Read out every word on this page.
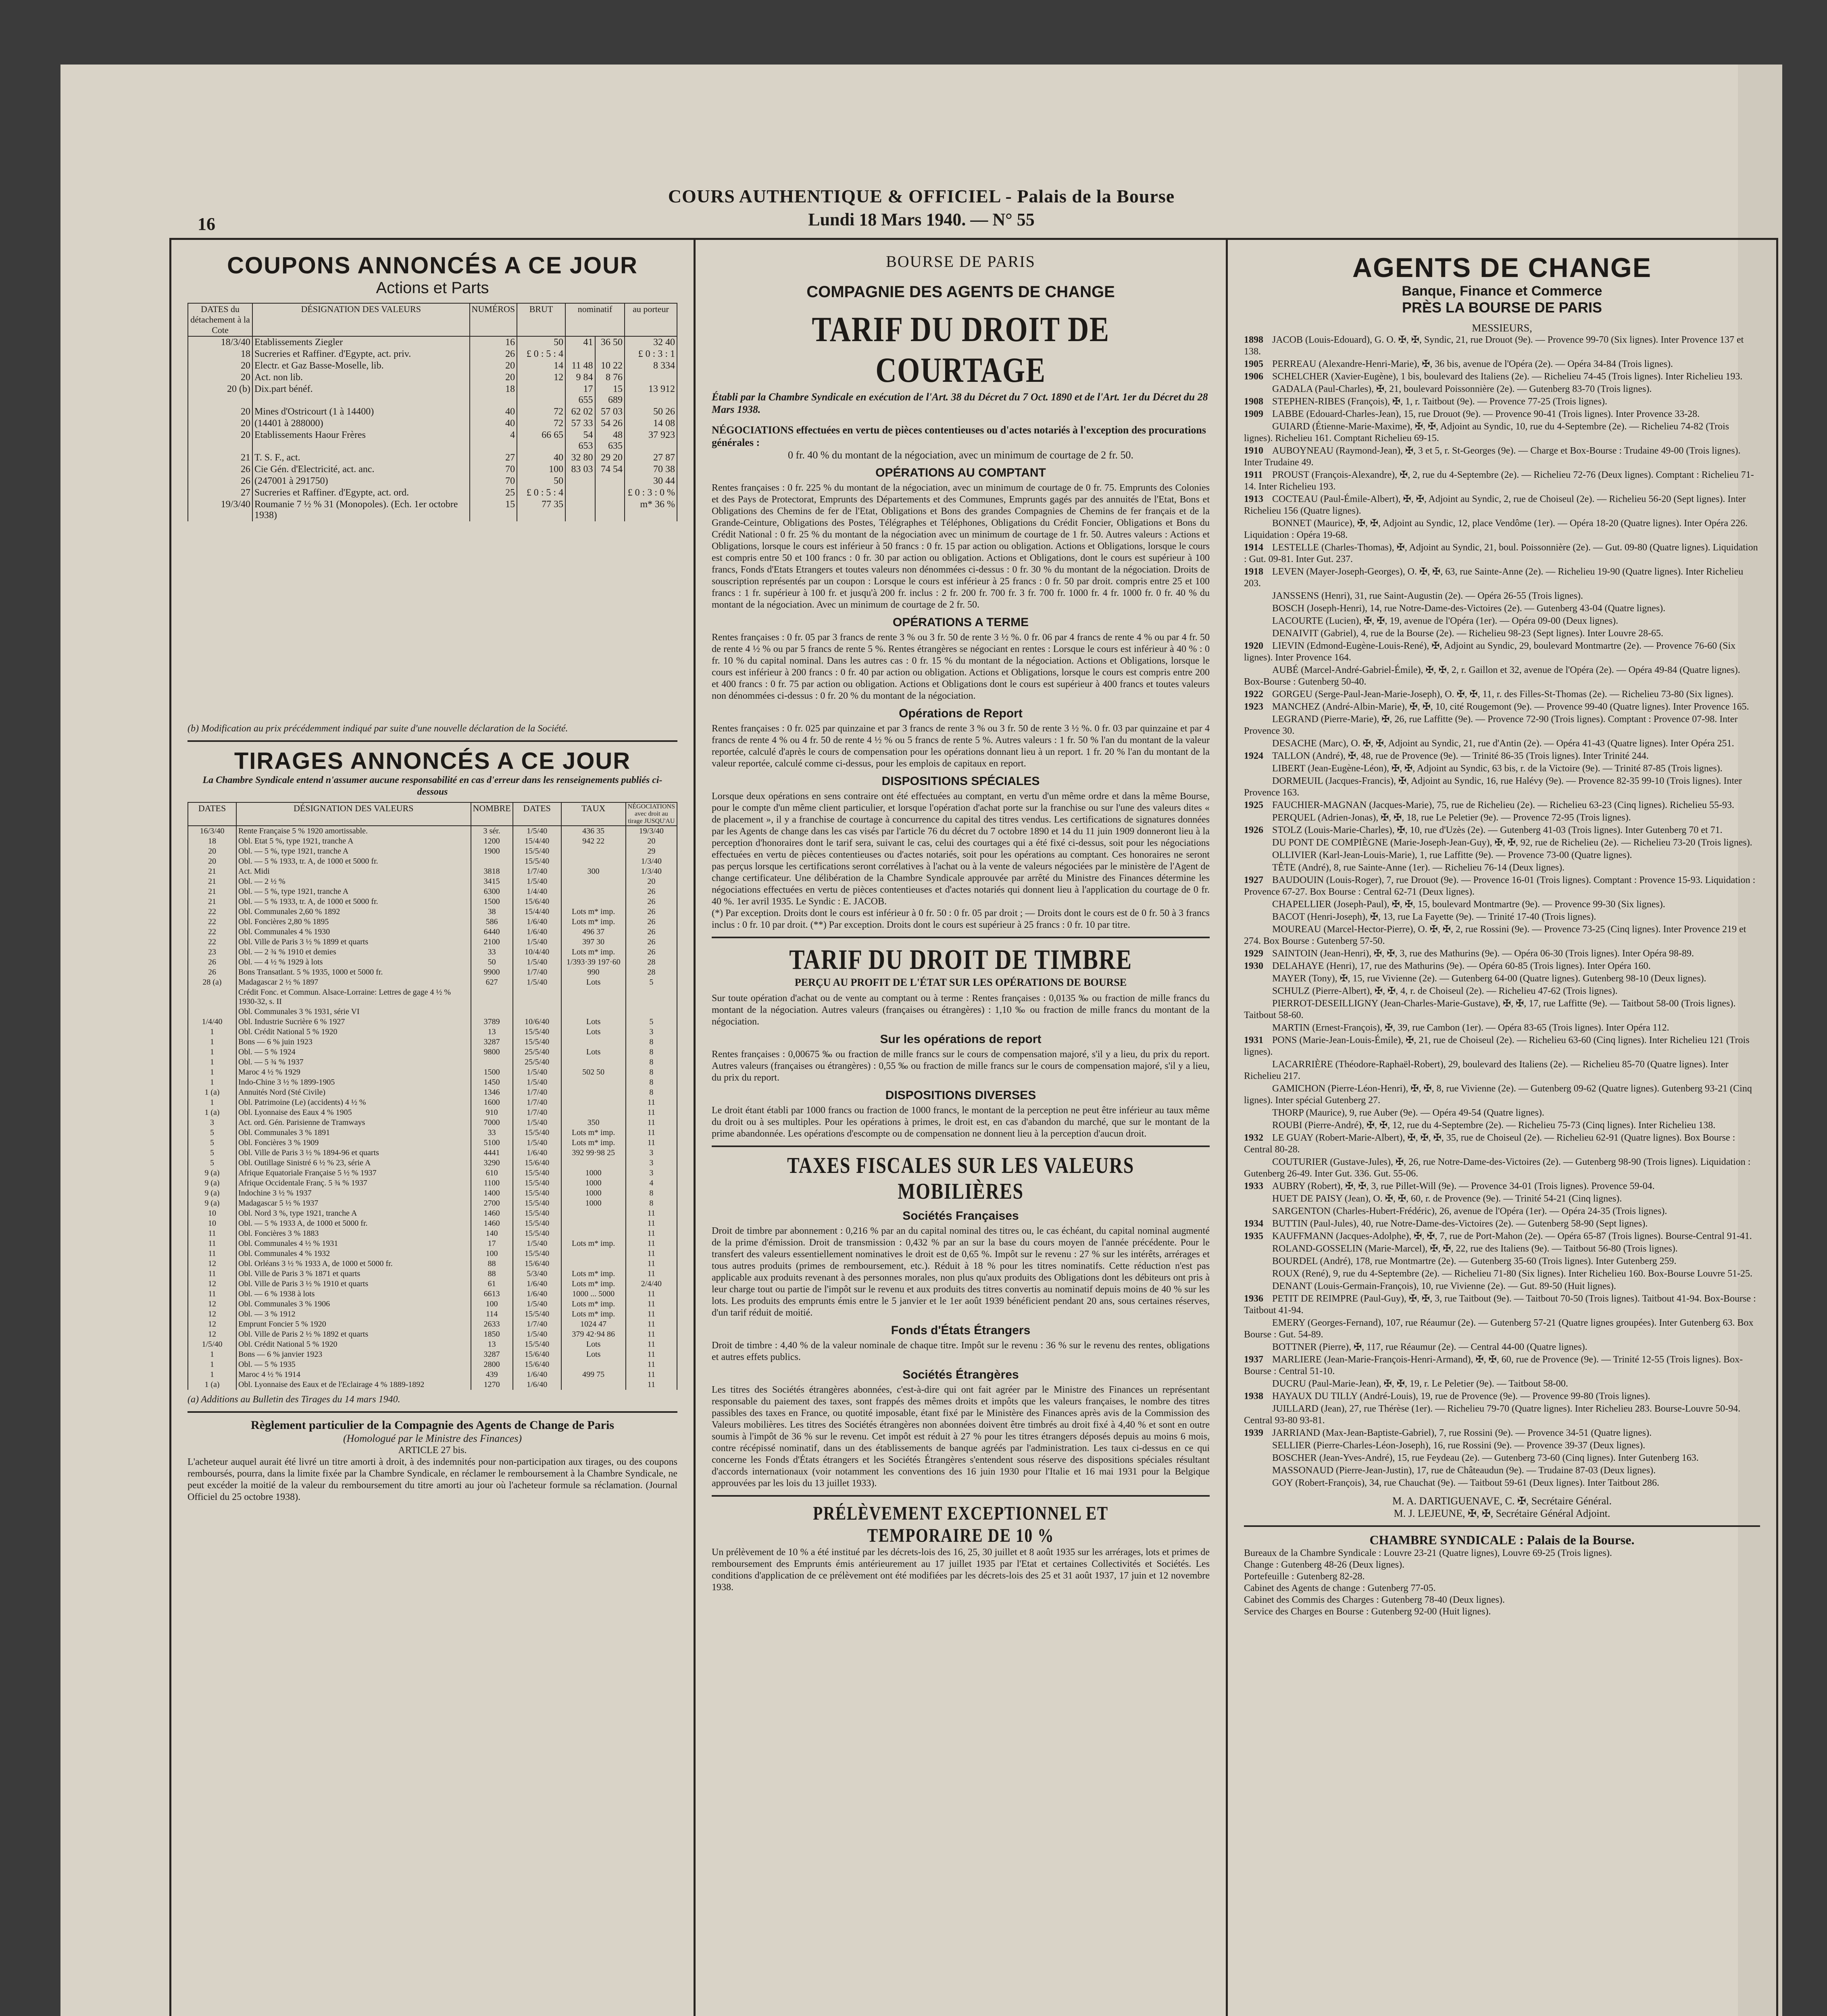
16
COURS AUTHENTIQUE & OFFICIEL - Palais de la Bourse
Lundi 18 Mars 1940. — N° 55
COUPONS ANNONCÉS A CE JOUR
Actions et Parts
DATES du détachement à la Cote	DÉSIGNATION DES VALEURS	NUMÉROS	BRUT	nominatif		au porteur
18/3/40	Etablissements Ziegler	16	50	41	36 50	32 40
18	Sucreries et Raffiner. d'Egypte, act. priv.	26	£ 0 : 5 : 4			£ 0 : 3 : 1
20	Electr. et Gaz Basse-Moselle, lib.	20	14	11 48	10 22	8 334
20	Act. non lib.	20	12	9 84	8 76	
20 (b)	Dix.part bénéf.	18		17 655	15 689	13 912
20	Mines d'Ostricourt (1 à 14400)	40	72	62 02	57 03	50 26
20	(14401 à 288000)	40	72	57 33	54 26	14 08
20	Etablissements Haour Frères	4	66 65	54 653	48 635	37 923
21	T. S. F., act.	27	40	32 80	29 20	27 87
26	Cie Gén. d'Electricité, act. anc.	70	100	83 03	74 54	70 38
26	(247001 à 291750)	70	50			30 44
27	Sucreries et Raffiner. d'Egypte, act. ord.	25	£ 0 : 5 : 4			£ 0 : 3 : 0 %
19/3/40	Roumanie 7 ½ % 31 (Monopoles). (Ech. 1er octobre 1938)	15	77 35			m* 36 %
(b) Modification au prix précédemment indiqué par suite d'une nouvelle déclaration de la Société.
TIRAGES ANNONCÉS A CE JOUR
La Chambre Syndicale entend n'assumer aucune responsabilité en cas d'erreur dans les renseignements publiés ci-dessous
DATES	DÉSIGNATION DES VALEURS	NOMBRE	DATES	TAUX	NÉGOCIATIONS avec droit au tirage JUSQU'AU
16/3/40	Rente Française 5 % 1920 amortissable.	3 sér.	1/5/40	436 35	19/3/40
18	Obl. Etat 5 %, type 1921, tranche A	1200	15/4/40	942 22	20
20	Obl. — 5 %, type 1921, tranche A	1900	15/5/40		29
20	Obl. — 5 % 1933, tr. A, de 1000 et 5000 fr.		15/5/40		1/3/40
21	Act. Midi	3818	1/7/40	300	1/3/40
21	Obl. — 2 ½ %	3415	1/5/40		20
21	Obl. — 5 %, type 1921, tranche A	6300	1/4/40		26
21	Obl. — 5 % 1933, tr. A, de 1000 et 5000 fr.	1500	15/6/40		26
22	Obl. Communales 2,60 % 1892	38	15/4/40	Lots m* imp.	26
22	Obl. Foncières 2,80 % 1895	586	1/6/40	Lots m* imp.	26
22	Obl. Communales 4 % 1930	6440	1/6/40	496 37	26
22	Obl. Ville de Paris 3 ½ % 1899 et quarts	2100	1/5/40	397 30	26
23	Obl. — 2 ¾ % 1910 et demies	33	10/4/40	Lots m* imp.	26
26	Obl. — 4 ½ % 1929 à lots	50	1/5/40	1/393·39 197·60	28
26	Bons Transatlant. 5 % 1935, 1000 et 5000 fr.	9900	1/7/40	990	28
28 (a)	Madagascar 2 ½ % 1897	627	1/5/40	Lots	5
	Crédit Fonc. et Commun. Alsace-Lorraine: Lettres de gage 4 ½ % 1930-32, s. II				
	Obl. Communales 3 % 1931, série VI				
1/4/40	Obl. Industrie Sucrière 6 % 1927	3789	10/6/40	Lots	5
1	Obl. Crédit National 5 % 1920	13	15/5/40	Lots	3
1	Bons — 6 % juin 1923	3287	15/5/40		8
1	Obl. — 5 % 1924	9800	25/5/40	Lots	8
1	Obl. — 5 ¾ % 1937		25/5/40		8
1	Maroc 4 ½ % 1929	1500	1/5/40	502 50	8
1	Indo-Chine 3 ½ % 1899-1905	1450	1/5/40		8
1 (a)	Annuités Nord (Sté Civile)	1346	1/7/40		8
1	Obl. Patrimoine (Le) (accidents) 4 ½ %	1600	1/7/40		11
1 (a)	Obl. Lyonnaise des Eaux 4 % 1905	910	1/7/40		11
3	Act. ord. Gén. Parisienne de Tramways	7000	1/5/40	350	11
5	Obl. Communales 3 % 1891	33	15/5/40	Lots m* imp.	11
5	Obl. Foncières 3 % 1909	5100	1/5/40	Lots m* imp.	11
5	Obl. Ville de Paris 3 ½ % 1894-96 et quarts	4441	1/6/40	392 99·98 25	3
5	Obl. Outillage Sinistré 6 ½ % 23, série A	3290	15/6/40		3
9 (a)	Afrique Equatoriale Française 5 ½ % 1937	610	15/5/40	1000	3
9 (a)	Afrique Occidentale Franç. 5 ¾ % 1937	1100	15/5/40	1000	4
9 (a)	Indochine 3 ½ % 1937	1400	15/5/40	1000	8
9 (a)	Madagascar 5 ½ % 1937	2700	15/5/40	1000	8
10	Obl. Nord 3 %, type 1921, tranche A	1460	15/5/40		11
10	Obl. — 5 % 1933 A, de 1000 et 5000 fr.	1460	15/5/40		11
11	Obl. Foncières 3 % 1883	140	15/5/40		11
11	Obl. Communales 4 ½ % 1931	17	1/5/40	Lots m* imp.	11
11	Obl. Communales 4 % 1932	100	15/5/40		11
12	Obl. Orléans 3 ½ % 1933 A, de 1000 et 5000 fr.	88	15/6/40		11
11	Obl. Ville de Paris 3 % 1871 et quarts	88	5/3/40	Lots m* imp.	11
12	Obl. Ville de Paris 3 ½ % 1910 et quarts	61	1/6/40	Lots m* imp.	2/4/40
11	Obl. — 6 % 1938 à lots	6613	1/6/40	1000 ... 5000	11
12	Obl. Communales 3 % 1906	100	1/5/40	Lots m* imp.	11
12	Obl. — 3 % 1912	114	15/5/40	Lots m* imp.	11
12	Emprunt Foncier 5 % 1920	2633	1/7/40	1024 47	11
12	Obl. Ville de Paris 2 ½ % 1892 et quarts	1850	1/5/40	379 42·94 86	11
1/5/40	Obl. Crédit National 5 % 1920	13	15/5/40	Lots	11
1	Bons — 6 % janvier 1923	3287	15/6/40	Lots	11
1	Obl. — 5 % 1935	2800	15/6/40		11
1	Maroc 4 ½ % 1914	439	1/6/40	499 75	11
1 (a)	Obl. Lyonnaise des Eaux et de l'Eclairage 4 % 1889-1892	1270	1/6/40		11
(a) Additions au Bulletin des Tirages du 14 mars 1940.
Règlement particulier de la Compagnie des Agents de Change de Paris
(Homologué par le Ministre des Finances)
ARTICLE 27 bis.
L'acheteur auquel aurait été livré un titre amorti à droit, à des indemnités pour non-participation aux tirages, ou des coupons remboursés, pourra, dans la limite fixée par la Chambre Syndicale, en réclamer le remboursement à la Chambre Syndicale, ne peut excéder la moitié de la valeur du remboursement du titre amorti au jour où l'acheteur formule sa réclamation. (Journal Officiel du 25 octobre 1938).
BOURSE DE PARIS
COMPAGNIE DES AGENTS DE CHANGE
TARIF DU DROIT DE COURTAGE
Établi par la Chambre Syndicale en exécution de l'Art. 38 du Décret du 7 Oct. 1890 et de l'Art. 1er du Décret du 28 Mars 1938.
NÉGOCIATIONS effectuées en vertu de pièces contentieuses ou d'actes notariés à l'exception des procurations générales :
0 fr. 40 % du montant de la négociation, avec un minimum de courtage de 2 fr. 50.
OPÉRATIONS AU COMPTANT
Rentes françaises : 0 fr. 225 % du montant de la négociation, avec un minimum de courtage de 0 fr. 75. Emprunts des Colonies et des Pays de Protectorat, Emprunts des Départements et des Communes, Emprunts gagés par des annuités de l'Etat, Bons et Obligations des Chemins de fer de l'Etat, Obligations et Bons des grandes Compagnies de Chemins de fer français et de la Grande-Ceinture, Obligations des Postes, Télégraphes et Téléphones, Obligations du Crédit Foncier, Obligations et Bons du Crédit National : 0 fr. 25 % du montant de la négociation avec un minimum de courtage de 1 fr. 50. Autres valeurs : Actions et Obligations, lorsque le cours est inférieur à 50 francs : 0 fr. 15 par action ou obligation. Actions et Obligations, lorsque le cours est compris entre 50 et 100 francs : 0 fr. 30 par action ou obligation. Actions et Obligations, dont le cours est supérieur à 100 francs, Fonds d'Etats Etrangers et toutes valeurs non dénommées ci-dessus : 0 fr. 30 % du montant de la négociation. Droits de souscription représentés par un coupon : Lorsque le cours est inférieur à 25 francs : 0 fr. 50 par droit. compris entre 25 et 100 francs : 1 fr. supérieur à 100 fr. et jusqu'à 200 fr. inclus : 2 fr. 200 fr. 700 fr. 3 fr. 700 fr. 1000 fr. 4 fr. 1000 fr. 0 fr. 40 % du montant de la négociation. Avec un minimum de courtage de 2 fr. 50.
OPÉRATIONS A TERME
Rentes françaises : 0 fr. 05 par 3 francs de rente 3 % ou 3 fr. 50 de rente 3 ½ %. 0 fr. 06 par 4 francs de rente 4 % ou par 4 fr. 50 de rente 4 ½ % ou par 5 francs de rente 5 %. Rentes étrangères se négociant en rentes : Lorsque le cours est inférieur à 40 % : 0 fr. 10 % du capital nominal. Dans les autres cas : 0 fr. 15 % du montant de la négociation. Actions et Obligations, lorsque le cours est inférieur à 200 francs : 0 fr. 40 par action ou obligation. Actions et Obligations, lorsque le cours est compris entre 200 et 400 francs : 0 fr. 75 par action ou obligation. Actions et Obligations dont le cours est supérieur à 400 francs et toutes valeurs non dénommées ci-dessus : 0 fr. 20 % du montant de la négociation.
Opérations de Report
Rentes françaises : 0 fr. 025 par quinzaine et par 3 francs de rente 3 % ou 3 fr. 50 de rente 3 ½ %. 0 fr. 03 par quinzaine et par 4 francs de rente 4 % ou 4 fr. 50 de rente 4 ½ % ou 5 francs de rente 5 %. Autres valeurs : 1 fr. 50 % l'an du montant de la valeur reportée, calculé d'après le cours de compensation pour les opérations donnant lieu à un report. 1 fr. 20 % l'an du montant de la valeur reportée, calculé comme ci-dessus, pour les emplois de capitaux en report.
DISPOSITIONS SPÉCIALES
Lorsque deux opérations en sens contraire ont été effectuées au comptant, en vertu d'un même ordre et dans la même Bourse, pour le compte d'un même client particulier, et lorsque l'opération d'achat porte sur la franchise ou sur l'une des valeurs dites « de placement », il y a franchise de courtage à concurrence du capital des titres vendus. Les certifications de signatures données par les Agents de change dans les cas visés par l'article 76 du décret du 7 octobre 1890 et 14 du 11 juin 1909 donneront lieu à la perception d'honoraires dont le tarif sera, suivant le cas, celui des courtages qui a été fixé ci-dessus, soit pour les négociations effectuées en vertu de pièces contentieuses ou d'actes notariés, soit pour les opérations au comptant. Ces honoraires ne seront pas perçus lorsque les certifications seront corrélatives à l'achat ou à la vente de valeurs négociées par le ministère de l'Agent de change certificateur. Une délibération de la Chambre Syndicale approuvée par arrêté du Ministre des Finances détermine les négociations effectuées en vertu de pièces contentieuses et d'actes notariés qui donnent lieu à l'application du courtage de 0 fr. 40 %. 1er avril 1935. Le Syndic : E. JACOB.
(*) Par exception. Droits dont le cours est inférieur à 0 fr. 50 : 0 fr. 05 par droit ; — Droits dont le cours est de 0 fr. 50 à 3 francs inclus : 0 fr. 10 par droit. (**) Par exception. Droits dont le cours est supérieur à 25 francs : 0 fr. 10 par titre.
TARIF DU DROIT DE TIMBRE
PERÇU AU PROFIT DE L'ÉTAT SUR LES OPÉRATIONS DE BOURSE
Sur toute opération d'achat ou de vente au comptant ou à terme : Rentes françaises : 0,0135 ‰ ou fraction de mille francs du montant de la négociation. Autres valeurs (françaises ou étrangères) : 1,10 ‰ ou fraction de mille francs du montant de la négociation.
Sur les opérations de report
Rentes françaises : 0,00675 ‰ ou fraction de mille francs sur le cours de compensation majoré, s'il y a lieu, du prix du report. Autres valeurs (françaises ou étrangères) : 0,55 ‰ ou fraction de mille francs sur le cours de compensation majoré, s'il y a lieu, du prix du report.
DISPOSITIONS DIVERSES
Le droit étant établi par 1000 francs ou fraction de 1000 francs, le montant de la perception ne peut être inférieur au taux même du droit ou à ses multiples. Pour les opérations à primes, le droit est, en cas d'abandon du marché, que sur le montant de la prime abandonnée. Les opérations d'escompte ou de compensation ne donnent lieu à la perception d'aucun droit.
TAXES FISCALES SUR LES VALEURS MOBILIÈRES
Sociétés Françaises
Droit de timbre par abonnement : 0,216 % par an du capital nominal des titres ou, le cas échéant, du capital nominal augmenté de la prime d'émission. Droit de transmission : 0,432 % par an sur la base du cours moyen de l'année précédente. Pour le transfert des valeurs essentiellement nominatives le droit est de 0,65 %. Impôt sur le revenu : 27 % sur les intérêts, arrérages et tous autres produits (primes de remboursement, etc.). Réduit à 18 % pour les titres nominatifs. Cette réduction n'est pas applicable aux produits revenant à des personnes morales, non plus qu'aux produits des Obligations dont les débiteurs ont pris à leur charge tout ou partie de l'impôt sur le revenu et aux produits des titres convertis au nominatif depuis moins de 40 % sur les lots. Les produits des emprunts émis entre le 5 janvier et le 1er août 1939 bénéficient pendant 20 ans, sous certaines réserves, d'un tarif réduit de moitié.
Fonds d'États Étrangers
Droit de timbre : 4,40 % de la valeur nominale de chaque titre. Impôt sur le revenu : 36 % sur le revenu des rentes, obligations et autres effets publics.
Sociétés Étrangères
Les titres des Sociétés étrangères abonnées, c'est-à-dire qui ont fait agréer par le Ministre des Finances un représentant responsable du paiement des taxes, sont frappés des mêmes droits et impôts que les valeurs françaises, le nombre des titres passibles des taxes en France, ou quotité imposable, étant fixé par le Ministère des Finances après avis de la Commission des Valeurs mobilières. Les titres des Sociétés étrangères non abonnées doivent être timbrés au droit fixé à 4,40 % et sont en outre soumis à l'impôt de 36 % sur le revenu. Cet impôt est réduit à 27 % pour les titres étrangers déposés depuis au moins 6 mois, contre récépissé nominatif, dans un des établissements de banque agréés par l'administration. Les taux ci-dessus en ce qui concerne les Fonds d'États étrangers et les Sociétés Étrangères s'entendent sous réserve des dispositions spéciales résultant d'accords internationaux (voir notamment les conventions des 16 juin 1930 pour l'Italie et 16 mai 1931 pour la Belgique approuvées par les lois du 13 juillet 1933).
PRÉLÈVEMENT EXCEPTIONNEL ET TEMPORAIRE DE 10 %
Un prélèvement de 10 % a été institué par les décrets-lois des 16, 25, 30 juillet et 8 août 1935 sur les arrérages, lots et primes de remboursement des Emprunts émis antérieurement au 17 juillet 1935 par l'Etat et certaines Collectivités et Sociétés. Les conditions d'application de ce prélèvement ont été modifiées par les décrets-lois des 25 et 31 août 1937, 17 juin et 12 novembre 1938.
AGENTS DE CHANGE
Banque, Finance et Commerce
PRÈS LA BOURSE DE PARIS
MESSIEURS,
1898 JACOB (Louis-Edouard), G. O. ✠, ✠, Syndic, 21, rue Drouot (9e). — Provence 99-70 (Six lignes). Inter Provence 137 et 138.
1905 PERREAU (Alexandre-Henri-Marie), ✠, 36 bis, avenue de l'Opéra (2e). — Opéra 34-84 (Trois lignes).
1906 SCHELCHER (Xavier-Eugène), 1 bis, boulevard des Italiens (2e). — Richelieu 74-45 (Trois lignes). Inter Richelieu 193.
GADALA (Paul-Charles), ✠, 21, boulevard Poissonnière (2e). — Gutenberg 83-70 (Trois lignes).
1908 STEPHEN-RIBES (François), ✠, 1, r. Taitbout (9e). — Provence 77-25 (Trois lignes).
1909 LABBE (Edouard-Charles-Jean), 15, rue Drouot (9e). — Provence 90-41 (Trois lignes). Inter Provence 33-28.
GUIARD (Étienne-Marie-Maxime), ✠, ✠, Adjoint au Syndic, 10, rue du 4-Septembre (2e). — Richelieu 74-82 (Trois lignes). Richelieu 161. Comptant Richelieu 69-15.
1910 AUBOYNEAU (Raymond-Jean), ✠, 3 et 5, r. St-Georges (9e). — Charge et Box-Bourse : Trudaine 49-00 (Trois lignes). Inter Trudaine 49.
1911 PROUST (François-Alexandre), ✠, 2, rue du 4-Septembre (2e). — Richelieu 72-76 (Deux lignes). Comptant : Richelieu 71-14. Inter Richelieu 193.
1913 COCTEAU (Paul-Émile-Albert), ✠, ✠, Adjoint au Syndic, 2, rue de Choiseul (2e). — Richelieu 56-20 (Sept lignes). Inter Richelieu 156 (Quatre lignes).
BONNET (Maurice), ✠, ✠, Adjoint au Syndic, 12, place Vendôme (1er). — Opéra 18-20 (Quatre lignes). Inter Opéra 226. Liquidation : Opéra 19-68.
1914 LESTELLE (Charles-Thomas), ✠, Adjoint au Syndic, 21, boul. Poissonnière (2e). — Gut. 09-80 (Quatre lignes). Liquidation : Gut. 09-81. Inter Gut. 237.
1918 LEVEN (Mayer-Joseph-Georges), O. ✠, ✠, 63, rue Sainte-Anne (2e). — Richelieu 19-90 (Quatre lignes). Inter Richelieu 203.
JANSSENS (Henri), 31, rue Saint-Augustin (2e). — Opéra 26-55 (Trois lignes).
BOSCH (Joseph-Henri), 14, rue Notre-Dame-des-Victoires (2e). — Gutenberg 43-04 (Quatre lignes).
LACOURTE (Lucien), ✠, ✠, 19, avenue de l'Opéra (1er). — Opéra 09-00 (Deux lignes).
DENAIVIT (Gabriel), 4, rue de la Bourse (2e). — Richelieu 98-23 (Sept lignes). Inter Louvre 28-65.
1920 LIEVIN (Edmond-Eugène-Louis-René), ✠, Adjoint au Syndic, 29, boulevard Montmartre (2e). — Provence 76-60 (Six lignes). Inter Provence 164.
AUBÉ (Marcel-André-Gabriel-Émile), ✠, ✠, 2, r. Gaillon et 32, avenue de l'Opéra (2e). — Opéra 49-84 (Quatre lignes). Box-Bourse : Gutenberg 50-40.
1922 GORGEU (Serge-Paul-Jean-Marie-Joseph), O. ✠, ✠, 11, r. des Filles-St-Thomas (2e). — Richelieu 73-80 (Six lignes).
1923 MANCHEZ (André-Albin-Marie), ✠, ✠, 10, cité Rougemont (9e). — Provence 99-40 (Quatre lignes). Inter Provence 165.
LEGRAND (Pierre-Marie), ✠, 26, rue Laffitte (9e). — Provence 72-90 (Trois lignes). Comptant : Provence 07-98. Inter Provence 30.
DESACHE (Marc), O. ✠, ✠, Adjoint au Syndic, 21, rue d'Antin (2e). — Opéra 41-43 (Quatre lignes). Inter Opéra 251.
1924 TALLON (André), ✠, 48, rue de Provence (9e). — Trinité 86-35 (Trois lignes). Inter Trinité 244.
LIBERT (Jean-Eugène-Léon), ✠, ✠, Adjoint au Syndic, 63 bis, r. de la Victoire (9e). — Trinité 87-85 (Trois lignes).
DORMEUIL (Jacques-Francis), ✠, Adjoint au Syndic, 16, rue Halévy (9e). — Provence 82-35 99-10 (Trois lignes). Inter Provence 163.
1925 FAUCHIER-MAGNAN (Jacques-Marie), 75, rue de Richelieu (2e). — Richelieu 63-23 (Cinq lignes). Richelieu 55-93.
PERQUEL (Adrien-Jonas), ✠, ✠, 18, rue Le Peletier (9e). — Provence 72-95 (Trois lignes).
1926 STOLZ (Louis-Marie-Charles), ✠, 10, rue d'Uzès (2e). — Gutenberg 41-03 (Trois lignes). Inter Gutenberg 70 et 71.
DU PONT DE COMPIÈGNE (Marie-Joseph-Jean-Guy), ✠, ✠, 92, rue de Richelieu (2e). — Richelieu 73-20 (Trois lignes).
OLLIVIER (Karl-Jean-Louis-Marie), 1, rue Laffitte (9e). — Provence 73-00 (Quatre lignes).
TÊTE (André), 8, rue Sainte-Anne (1er). — Richelieu 76-14 (Deux lignes).
1927 BAUDOUIN (Louis-Roger), 7, rue Drouot (9e). — Provence 16-01 (Trois lignes). Comptant : Provence 15-93. Liquidation : Provence 67-27. Box Bourse : Central 62-71 (Deux lignes).
CHAPELLIER (Joseph-Paul), ✠, ✠, 15, boulevard Montmartre (9e). — Provence 99-30 (Six lignes).
BACOT (Henri-Joseph), ✠, 13, rue La Fayette (9e). — Trinité 17-40 (Trois lignes).
MOUREAU (Marcel-Hector-Pierre), O. ✠, ✠, 2, rue Rossini (9e). — Provence 73-25 (Cinq lignes). Inter Provence 219 et 274. Box Bourse : Gutenberg 57-50.
1929 SAINTOIN (Jean-Henri), ✠, ✠, 3, rue des Mathurins (9e). — Opéra 06-30 (Trois lignes). Inter Opéra 98-89.
1930 DELAHAYE (Henri), 17, rue des Mathurins (9e). — Opéra 60-85 (Trois lignes). Inter Opéra 160.
MAYER (Tony), ✠, 15, rue Vivienne (2e). — Gutenberg 64-00 (Quatre lignes). Gutenberg 98-10 (Deux lignes).
SCHULZ (Pierre-Albert), ✠, ✠, 4, r. de Choiseul (2e). — Richelieu 47-62 (Trois lignes).
PIERROT-DESEILLIGNY (Jean-Charles-Marie-Gustave), ✠, ✠, 17, rue Laffitte (9e). — Taitbout 58-00 (Trois lignes). Taitbout 58-60.
MARTIN (Ernest-François), ✠, 39, rue Cambon (1er). — Opéra 83-65 (Trois lignes). Inter Opéra 112.
1931 PONS (Marie-Jean-Louis-Émile), ✠, 21, rue de Choiseul (2e). — Richelieu 63-60 (Cinq lignes). Inter Richelieu 121 (Trois lignes).
LACARRIÈRE (Théodore-Raphaël-Robert), 29, boulevard des Italiens (2e). — Richelieu 85-70 (Quatre lignes). Inter Richelieu 217.
GAMICHON (Pierre-Léon-Henri), ✠, ✠, 8, rue Vivienne (2e). — Gutenberg 09-62 (Quatre lignes). Gutenberg 93-21 (Cinq lignes). Inter spécial Gutenberg 27.
THORP (Maurice), 9, rue Auber (9e). — Opéra 49-54 (Quatre lignes).
ROUBI (Pierre-André), ✠, ✠, 12, rue du 4-Septembre (2e). — Richelieu 75-73 (Cinq lignes). Inter Richelieu 138.
1932 LE GUAY (Robert-Marie-Albert), ✠, ✠, ✠, 35, rue de Choiseul (2e). — Richelieu 62-91 (Quatre lignes). Box Bourse : Central 80-28.
COUTURIER (Gustave-Jules), ✠, 26, rue Notre-Dame-des-Victoires (2e). — Gutenberg 98-90 (Trois lignes). Liquidation : Gutenberg 26-49. Inter Gut. 336. Gut. 55-06.
1933 AUBRY (Robert), ✠, ✠, 3, rue Pillet-Will (9e). — Provence 34-01 (Trois lignes). Provence 59-04.
HUET DE PAISY (Jean), O. ✠, ✠, 60, r. de Provence (9e). — Trinité 54-21 (Cinq lignes).
SARGENTON (Charles-Hubert-Frédéric), 26, avenue de l'Opéra (1er). — Opéra 24-35 (Trois lignes).
1934 BUTTIN (Paul-Jules), 40, rue Notre-Dame-des-Victoires (2e). — Gutenberg 58-90 (Sept lignes).
1935 KAUFFMANN (Jacques-Adolphe), ✠, ✠, 7, rue de Port-Mahon (2e). — Opéra 65-87 (Trois lignes). Bourse-Central 91-41.
ROLAND-GOSSELIN (Marie-Marcel), ✠, ✠, 22, rue des Italiens (9e). — Taitbout 56-80 (Trois lignes).
BOURDEL (André), 178, rue Montmartre (2e). — Gutenberg 35-60 (Trois lignes). Inter Gutenberg 259.
ROUX (René), 9, rue du 4-Septembre (2e). — Richelieu 71-80 (Six lignes). Inter Richelieu 160. Box-Bourse Louvre 51-25.
DENANT (Louis-Germain-François), 10, rue Vivienne (2e). — Gut. 89-50 (Huit lignes).
1936 PETIT DE REIMPRE (Paul-Guy), ✠, ✠, 3, rue Taitbout (9e). — Taitbout 70-50 (Trois lignes). Taitbout 41-94. Box-Bourse : Taitbout 41-94.
EMERY (Georges-Fernand), 107, rue Réaumur (2e). — Gutenberg 57-21 (Quatre lignes groupées). Inter Gutenberg 63. Box Bourse : Gut. 54-89.
BOTTNER (Pierre), ✠, 117, rue Réaumur (2e). — Central 44-00 (Quatre lignes).
1937 MARLIERE (Jean-Marie-François-Henri-Armand), ✠, ✠, 60, rue de Provence (9e). — Trinité 12-55 (Trois lignes). Box-Bourse : Central 51-10.
DUCRU (Paul-Marie-Jean), ✠, ✠, 19, r. Le Peletier (9e). — Taitbout 58-00.
1938 HAYAUX DU TILLY (André-Louis), 19, rue de Provence (9e). — Provence 99-80 (Trois lignes).
JUILLARD (Jean), 27, rue Thérèse (1er). — Richelieu 79-70 (Quatre lignes). Inter Richelieu 283. Bourse-Louvre 50-94. Central 93-80 93-81.
1939 JARRIAND (Max-Jean-Baptiste-Gabriel), 7, rue Rossini (9e). — Provence 34-51 (Quatre lignes).
SELLIER (Pierre-Charles-Léon-Joseph), 16, rue Rossini (9e). — Provence 39-37 (Deux lignes).
BOSCHER (Jean-Yves-André), 15, rue Feydeau (2e). — Gutenberg 73-60 (Cinq lignes). Inter Gutenberg 163.
MASSONAUD (Pierre-Jean-Justin), 17, rue de Châteaudun (9e). — Trudaine 87-03 (Deux lignes).
GOY (Robert-François), 34, rue Chauchat (9e). — Taitbout 59-61 (Deux lignes). Inter Taitbout 286.
M. A. DARTIGUENAVE, C. ✠, Secrétaire Général.
M. J. LEJEUNE, ✠, ✠, Secrétaire Général Adjoint.
CHAMBRE SYNDICALE : Palais de la Bourse.
Bureaux de la Chambre Syndicale : Louvre 23-21 (Quatre lignes), Louvre 69-25 (Trois lignes).
Change : Gutenberg 48-26 (Deux lignes).
Portefeuille : Gutenberg 82-28.
Cabinet des Agents de change : Gutenberg 77-05.
Cabinet des Commis des Charges : Gutenberg 78-40 (Deux lignes).
Service des Charges en Bourse : Gutenberg 92-00 (Huit lignes).
